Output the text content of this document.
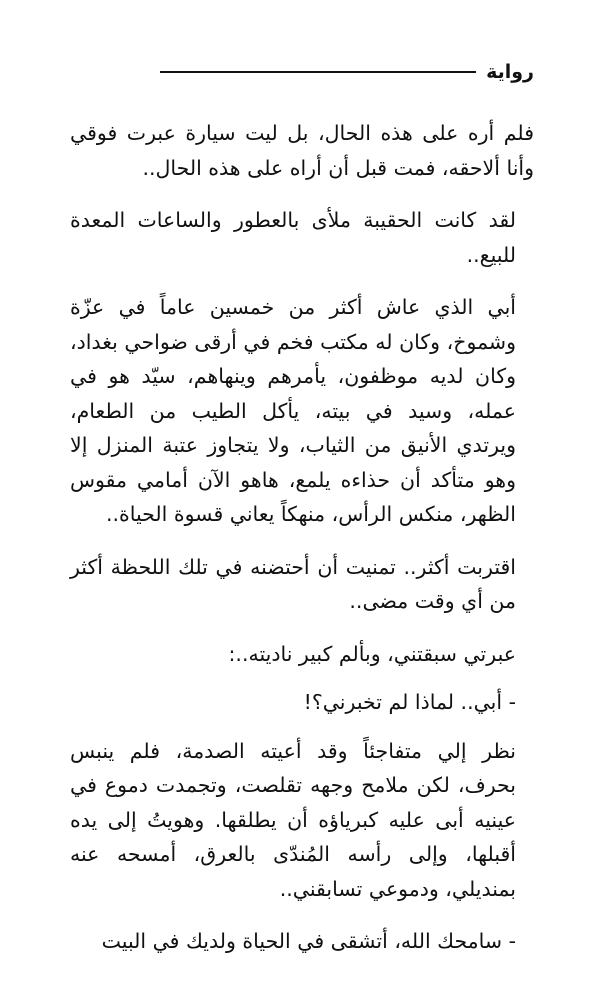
رواية

فلم أره على هذه الحال، بل ليت سيارة عبرت فوقي وأنا ألاحقه، فمت قبل أن أراه على هذه الحال..

لقد كانت الحقيبة ملأى بالعطور والساعات المعدة للبيع..

أبي الذي عاش أكثر من خمسين عاماً في عزّة وشموخ، وكان له مكتب فخم في أرقى ضواحي بغداد، وكان لديه موظفون، يأمرهم وينهاهم، سيّد هو في عمله، وسيد في بيته، يأكل الطيب من الطعام، ويرتدي الأنيق من الثياب، ولا يتجاوز عتبة المنزل إلا وهو متأكد أن حذاءه يلمع، هاهو الآن أمامي مقوس الظهر، منكس الرأس، منهكاً يعاني قسوة الحياة..

اقتربت أكثر.. تمنيت أن أحتضنه في تلك اللحظة أكثر من أي وقت مضى..

عبرتي سبقتني، وبألم كبير ناديته..:

- أبي.. لماذا لم تخبرني؟!

نظر إلي متفاجئاً وقد أعيته الصدمة، فلم ينبس بحرف، لكن ملامح وجهه تقلصت، وتجمدت دموع في عينيه أبى عليه كبرياؤه أن يطلقها. وهويتُ إلى يده أقبلها، وإلى رأسه المُندّى بالعرق، أمسحه عنه بمنديلي، ودموعي تسابقني..

- سامحك الله، أتشقى في الحياة ولديك في البيت
